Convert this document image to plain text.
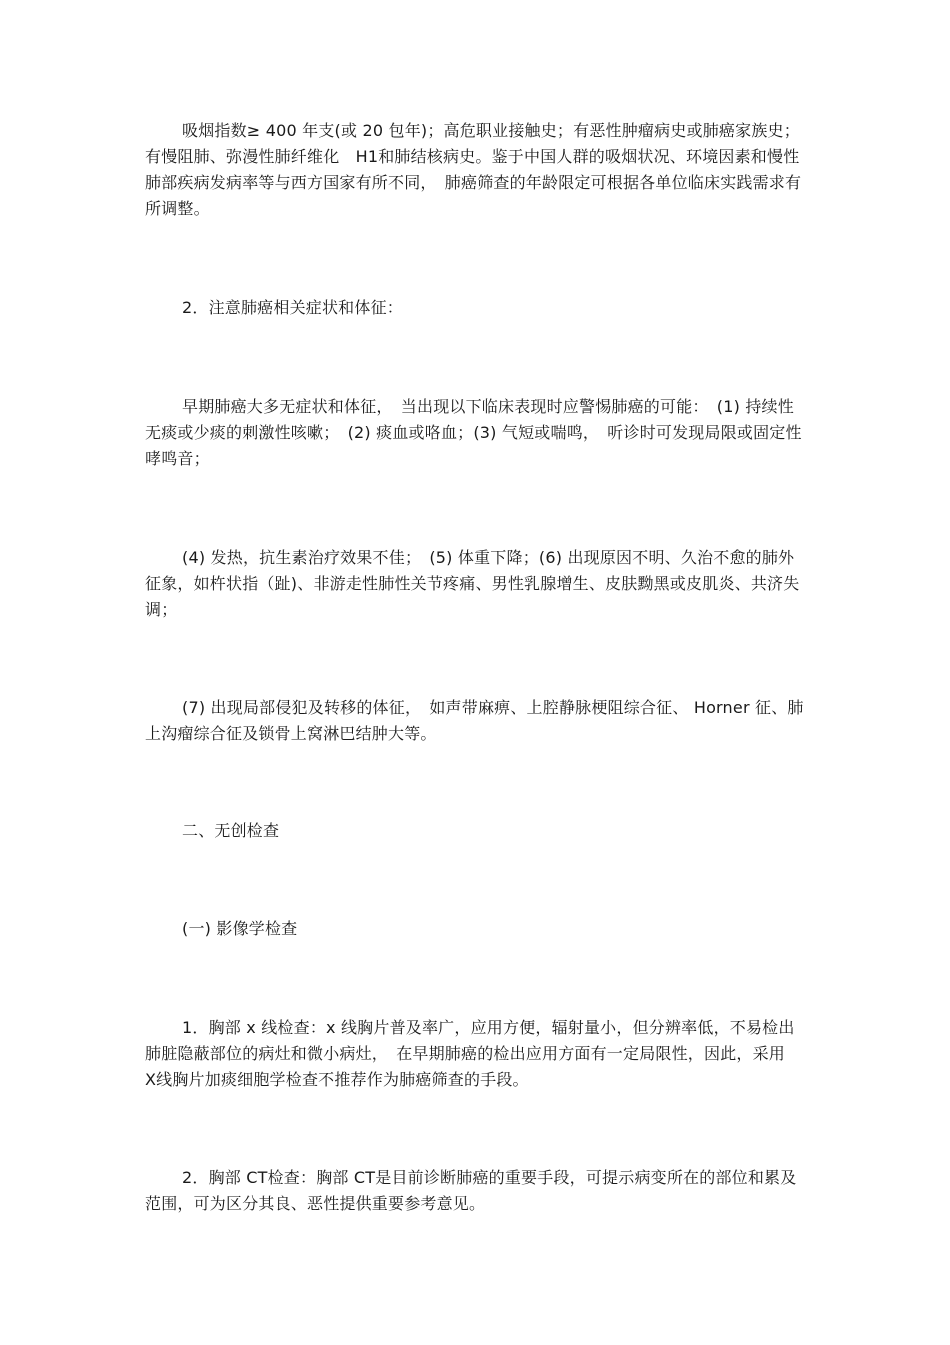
吸烟指数≥ 400 年支(或 20 包年)；高危职业接触史；有恶性肿瘤病史或肺癌家族史；有慢阻肺、弥漫性肺纤维化　H1和肺结核病史。鉴于中国人群的吸烟状况、环境因素和慢性肺部疾病发病率等与西方国家有所不同，　肺癌筛查的年龄限定可根据各单位临床实践需求有所调整。

2．注意肺癌相关症状和体征：

早期肺癌大多无症状和体征，　当出现以下临床表现时应警惕肺癌的可能：　(1) 持续性无痰或少痰的刺激性咳嗽；　(2) 痰血或咯血；(3) 气短或喘鸣，　听诊时可发现局限或固定性哮鸣音；

(4) 发热，抗生素治疗效果不佳；　(5) 体重下降；(6) 出现原因不明、久治不愈的肺外征象，如杵状指（趾)、非游走性肺性关节疼痛、男性乳腺增生、皮肤黝黑或皮肌炎、共济失调；

(7) 出现局部侵犯及转移的体征，　如声带麻痹、上腔静脉梗阻综合征、 Horner 征、肺上沟瘤综合征及锁骨上窝淋巴结肿大等。

二、无创检查

(一) 影像学检查

1．胸部 x 线检查：x 线胸片普及率广，应用方便，辐射量小，但分辨率低，不易检出肺脏隐蔽部位的病灶和微小病灶，　在早期肺癌的检出应用方面有一定局限性，因此，采用　X线胸片加痰细胞学检查不推荐作为肺癌筛查的手段。

2．胸部 CT检查：胸部 CT是目前诊断肺癌的重要手段，可提示病变所在的部位和累及范围，可为区分其良、恶性提供重要参考意见。
